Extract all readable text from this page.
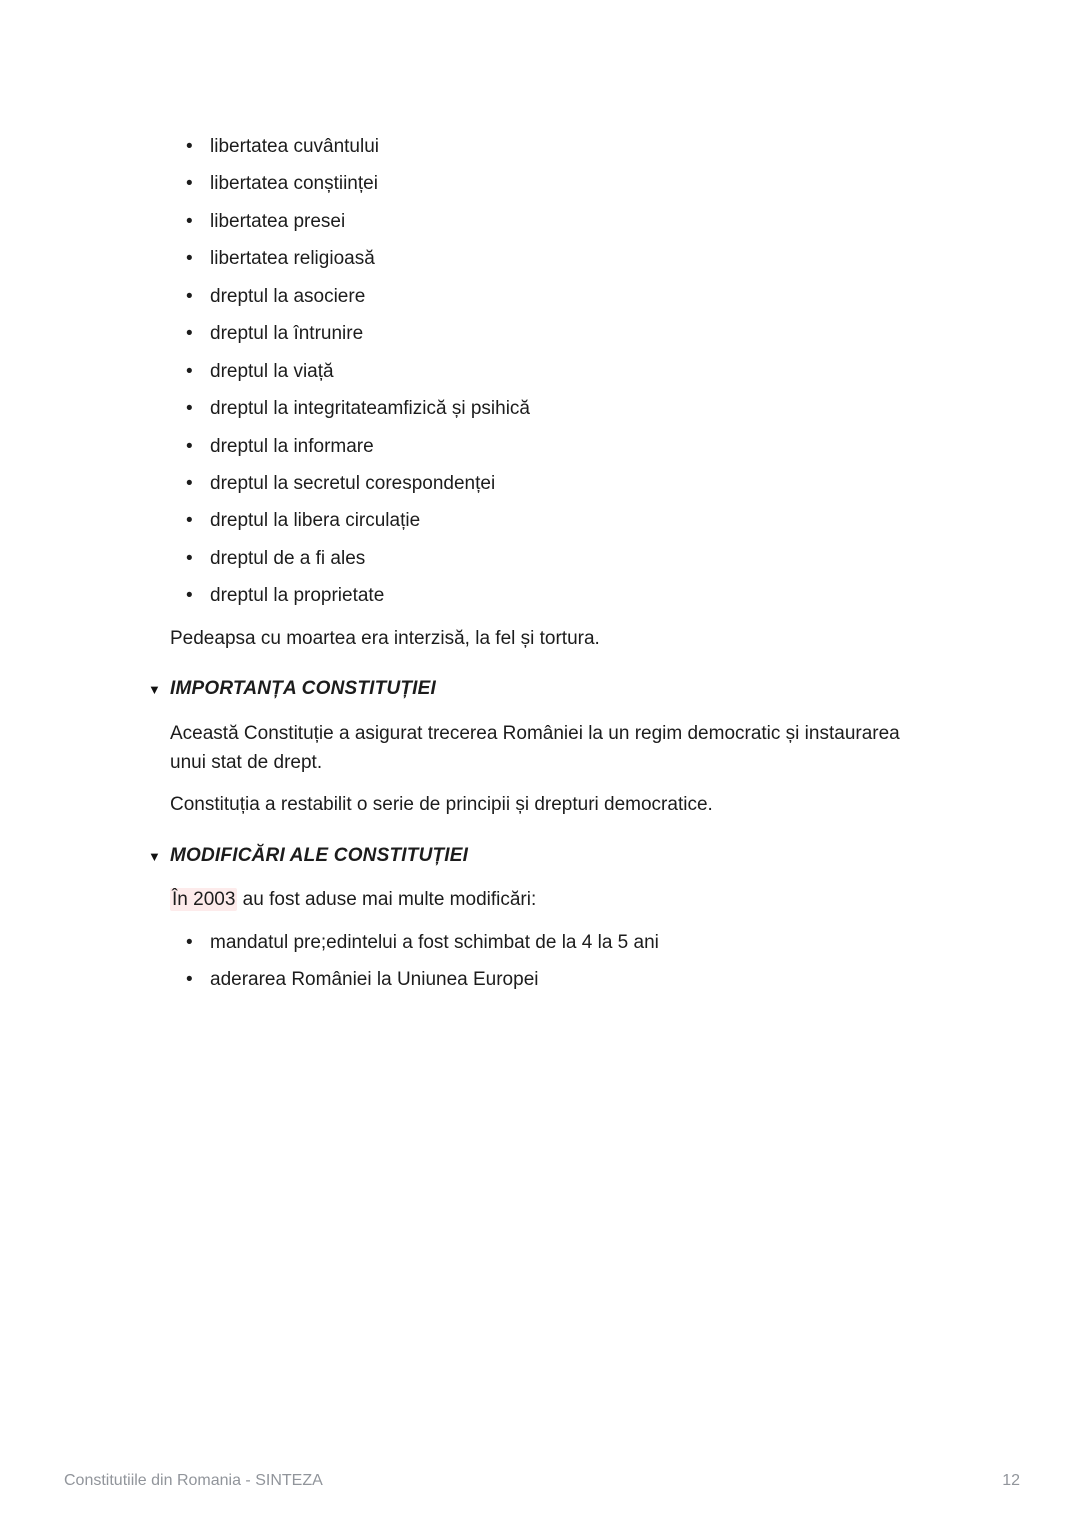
• libertatea cuvântului
• libertatea conștiinței
• libertatea presei
• libertatea religioasă
• dreptul la asociere
• dreptul la întrunire
• dreptul la viață
• dreptul la integritateamfizică și psihică
• dreptul la informare
• dreptul la secretul corespondenței
• dreptul la libera circulație
• dreptul de a fi ales
• dreptul la proprietate

Pedeapsa cu moartea era interzisă, la fel și tortura.

▼ IMPORTANȚA CONSTITUȚIEI

Această Constituție a asigurat trecerea României la un regim democratic și instaurarea unui stat de drept.

Constituția a restabilit o serie de principii și drepturi democratice.

▼ MODIFICĂRI ALE CONSTITUȚIEI

În 2003 au fost aduse mai multe modificări:

• mandatul pre;edintelui a fost schimbat de la 4 la 5 ani
• aderarea României la Uniunea Europei
Constitutiile din Romania - SINTEZA	12
